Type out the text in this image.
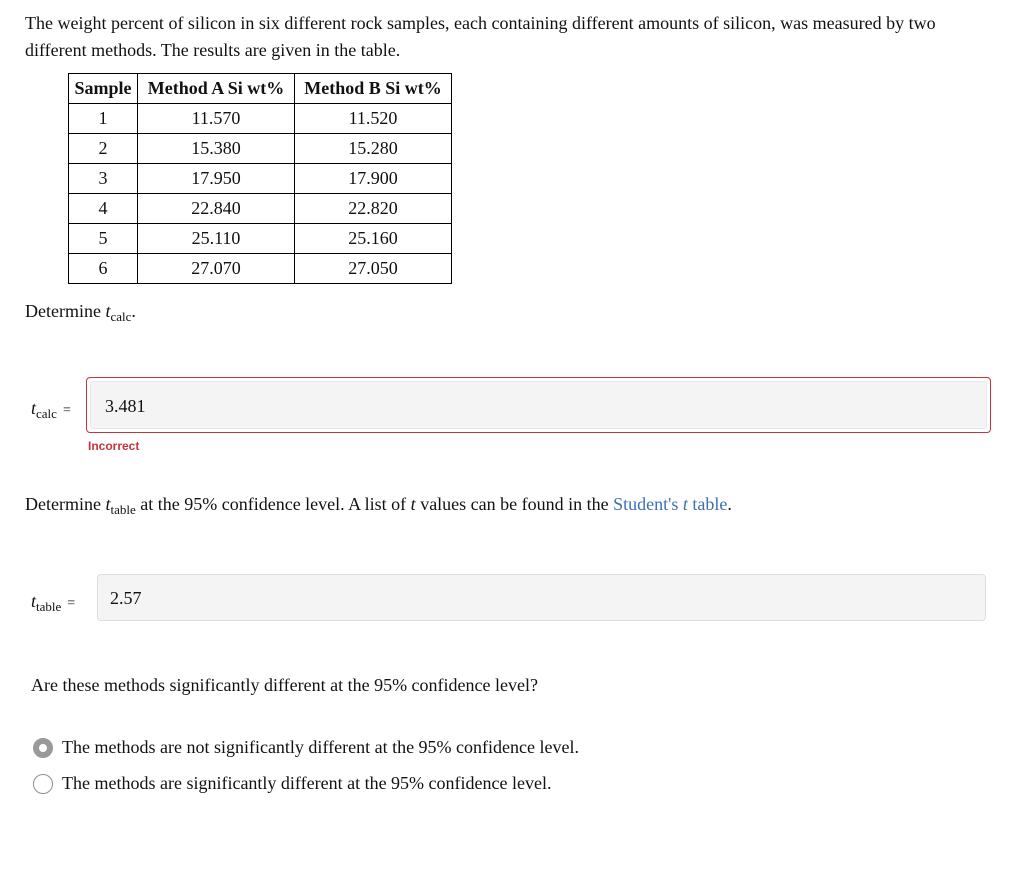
The weight percent of silicon in six different rock samples, each containing different amounts of silicon, was measured by two different methods. The results are given in the table.

Sample	Method A Si wt%	Method B Si wt%
1	11.570	11.520
2	15.380	15.280
3	17.950	17.900
4	22.840	22.820
5	25.110	25.160
6	27.070	27.050

Determine $t_{calc}$.

tcalc =	3.481
Incorrect

Determine $t_{table}$ at the 95% confidence level. A list of t values can be found in the Student's t table.

ttable =	2.57

Are these methods significantly different at the 95% confidence level?

The methods are not significantly different at the 95% confidence level.
The methods are significantly different at the 95% confidence level.
